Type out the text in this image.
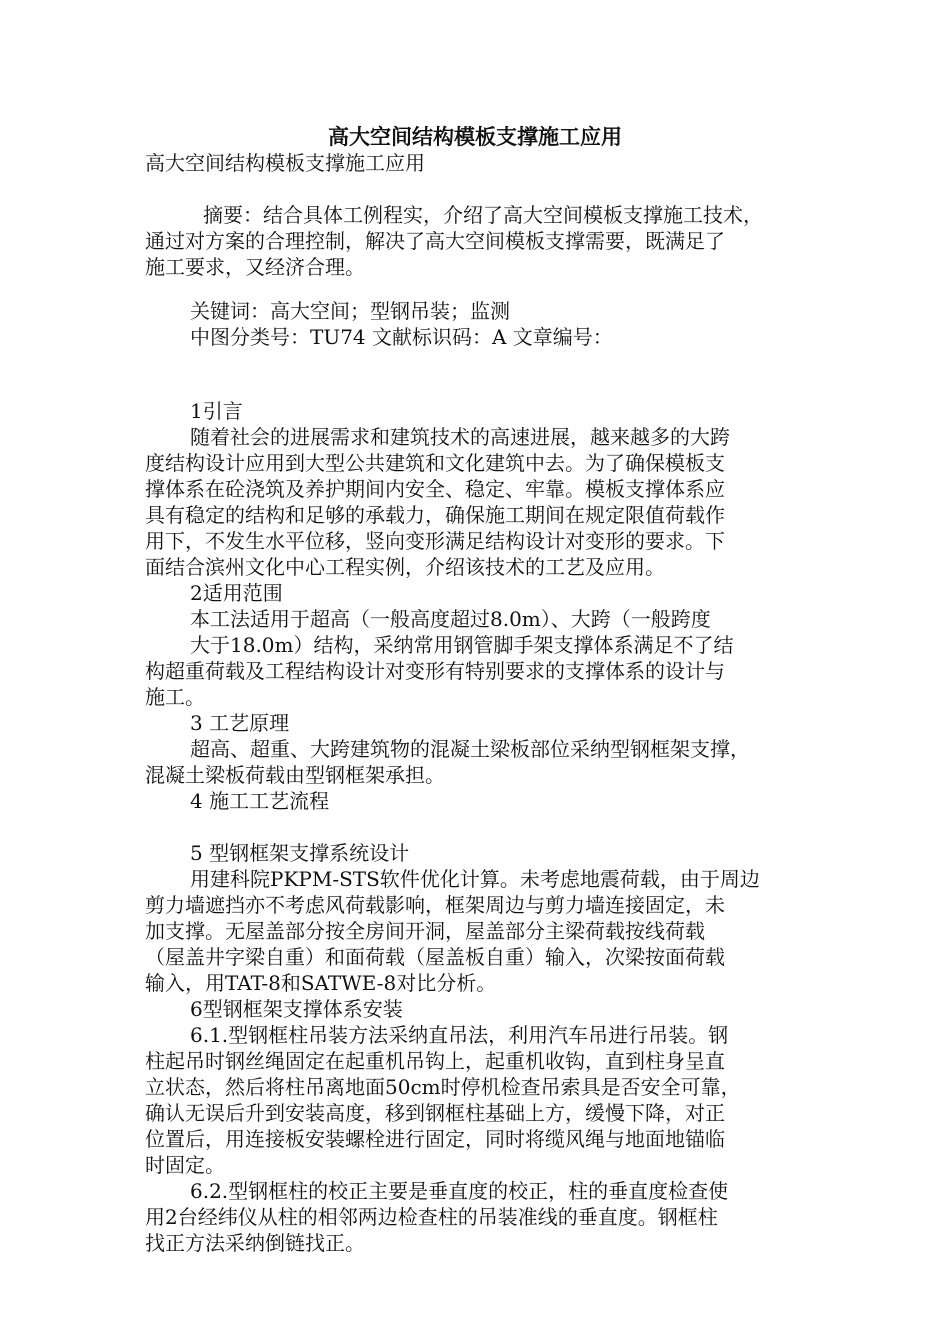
高大空间结构模板支撑施工应用
高大空间结构模板支撑施工应用
摘要：结合具体工例程实，介绍了高大空间模板支撑施工技术，
通过对方案的合理控制，解决了高大空间模板支撑需要，既满足了
施工要求，又经济合理。
关键词：高大空间；型钢吊装；监测
中图分类号：TU74 文献标识码：A 文章编号：
1引言
随着社会的进展需求和建筑技术的高速进展，越来越多的大跨
度结构设计应用到大型公共建筑和文化建筑中去。为了确保模板支
撑体系在砼浇筑及养护期间内安全、稳定、牢靠。模板支撑体系应
具有稳定的结构和足够的承载力，确保施工期间在规定限值荷载作
用下，不发生水平位移，竖向变形满足结构设计对变形的要求。下
面结合滨州文化中心工程实例，介绍该技术的工艺及应用。
2适用范围
本工法适用于超高（一般高度超过8.0m）、大跨（一般跨度
大于18.0m）结构，采纳常用钢管脚手架支撑体系满足不了结
构超重荷载及工程结构设计对变形有特别要求的支撑体系的设计与
施工。
3 工艺原理
超高、超重、大跨建筑物的混凝土梁板部位采纳型钢框架支撑，
混凝土梁板荷载由型钢框架承担。
4 施工工艺流程
5 型钢框架支撑系统设计
用建科院PKPM-STS软件优化计算。未考虑地震荷载，由于周边
剪力墙遮挡亦不考虑风荷载影响，框架周边与剪力墙连接固定，未
加支撑。无屋盖部分按全房间开洞，屋盖部分主梁荷载按线荷载
（屋盖井字梁自重）和面荷载（屋盖板自重）输入，次梁按面荷载
输入，用TAT-8和SATWE-8对比分析。
6型钢框架支撑体系安装
6.1.型钢框柱吊装方法采纳直吊法，利用汽车吊进行吊装。钢
柱起吊时钢丝绳固定在起重机吊钩上，起重机收钩，直到柱身呈直
立状态，然后将柱吊离地面50cm时停机检查吊索具是否安全可靠，
确认无误后升到安装高度，移到钢框柱基础上方，缓慢下降，对正
位置后，用连接板安装螺栓进行固定，同时将缆风绳与地面地锚临
时固定。
6.2.型钢框柱的校正主要是垂直度的校正，柱的垂直度检查使
用2台经纬仪从柱的相邻两边检查柱的吊装准线的垂直度。钢框柱
找正方法采纳倒链找正。
